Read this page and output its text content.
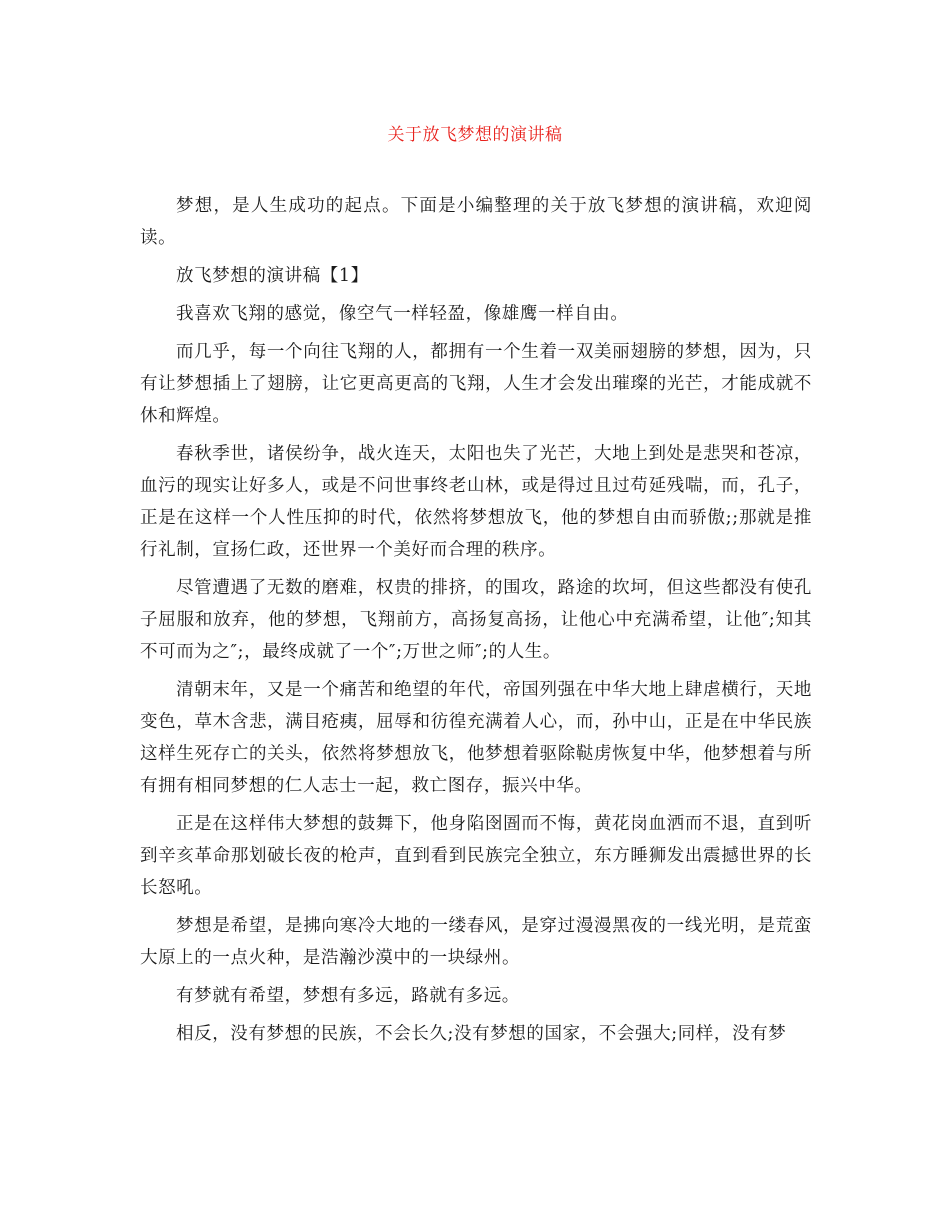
关于放飞梦想的演讲稿

梦想，是人生成功的起点。下面是小编整理的关于放飞梦想的演讲稿，欢迎阅读。

放飞梦想的演讲稿【1】

我喜欢飞翔的感觉，像空气一样轻盈，像雄鹰一样自由。

而几乎，每一个向往飞翔的人，都拥有一个生着一双美丽翅膀的梦想，因为，只有让梦想插上了翅膀，让它更高更高的飞翔，人生才会发出璀璨的光芒，才能成就不休和辉煌。

春秋季世，诸侯纷争，战火连天，太阳也失了光芒，大地上到处是悲哭和苍凉，血污的现实让好多人，或是不问世事终老山林，或是得过且过苟延残喘，而，孔子，正是在这样一个人性压抑的时代，依然将梦想放飞，他的梦想自由而骄傲;;那就是推行礼制，宣扬仁政，还世界一个美好而合理的秩序。

尽管遭遇了无数的磨难，权贵的排挤，的围攻，路途的坎坷，但这些都没有使孔子屈服和放弃，他的梦想，飞翔前方，高扬复高扬，让他心中充满希望，让他″;知其不可而为之″;，最终成就了一个″;万世之师″;的人生。

清朝末年，又是一个痛苦和绝望的年代，帝国列强在中华大地上肆虐横行，天地变色，草木含悲，满目疮痍，屈辱和彷徨充满着人心，而，孙中山，正是在中华民族这样生死存亡的关头，依然将梦想放飞，他梦想着驱除鞑虏恢复中华，他梦想着与所有拥有相同梦想的仁人志士一起，救亡图存，振兴中华。

正是在这样伟大梦想的鼓舞下，他身陷囹圄而不悔，黄花岗血洒而不退，直到听到辛亥革命那划破长夜的枪声，直到看到民族完全独立，东方睡狮发出震撼世界的长长怒吼。

梦想是希望，是拂向寒冷大地的一缕春风，是穿过漫漫黑夜的一线光明，是荒蛮大原上的一点火种，是浩瀚沙漠中的一块绿州。

有梦就有希望，梦想有多远，路就有多远。

相反，没有梦想的民族，不会长久;没有梦想的国家，不会强大;同样，没有梦
